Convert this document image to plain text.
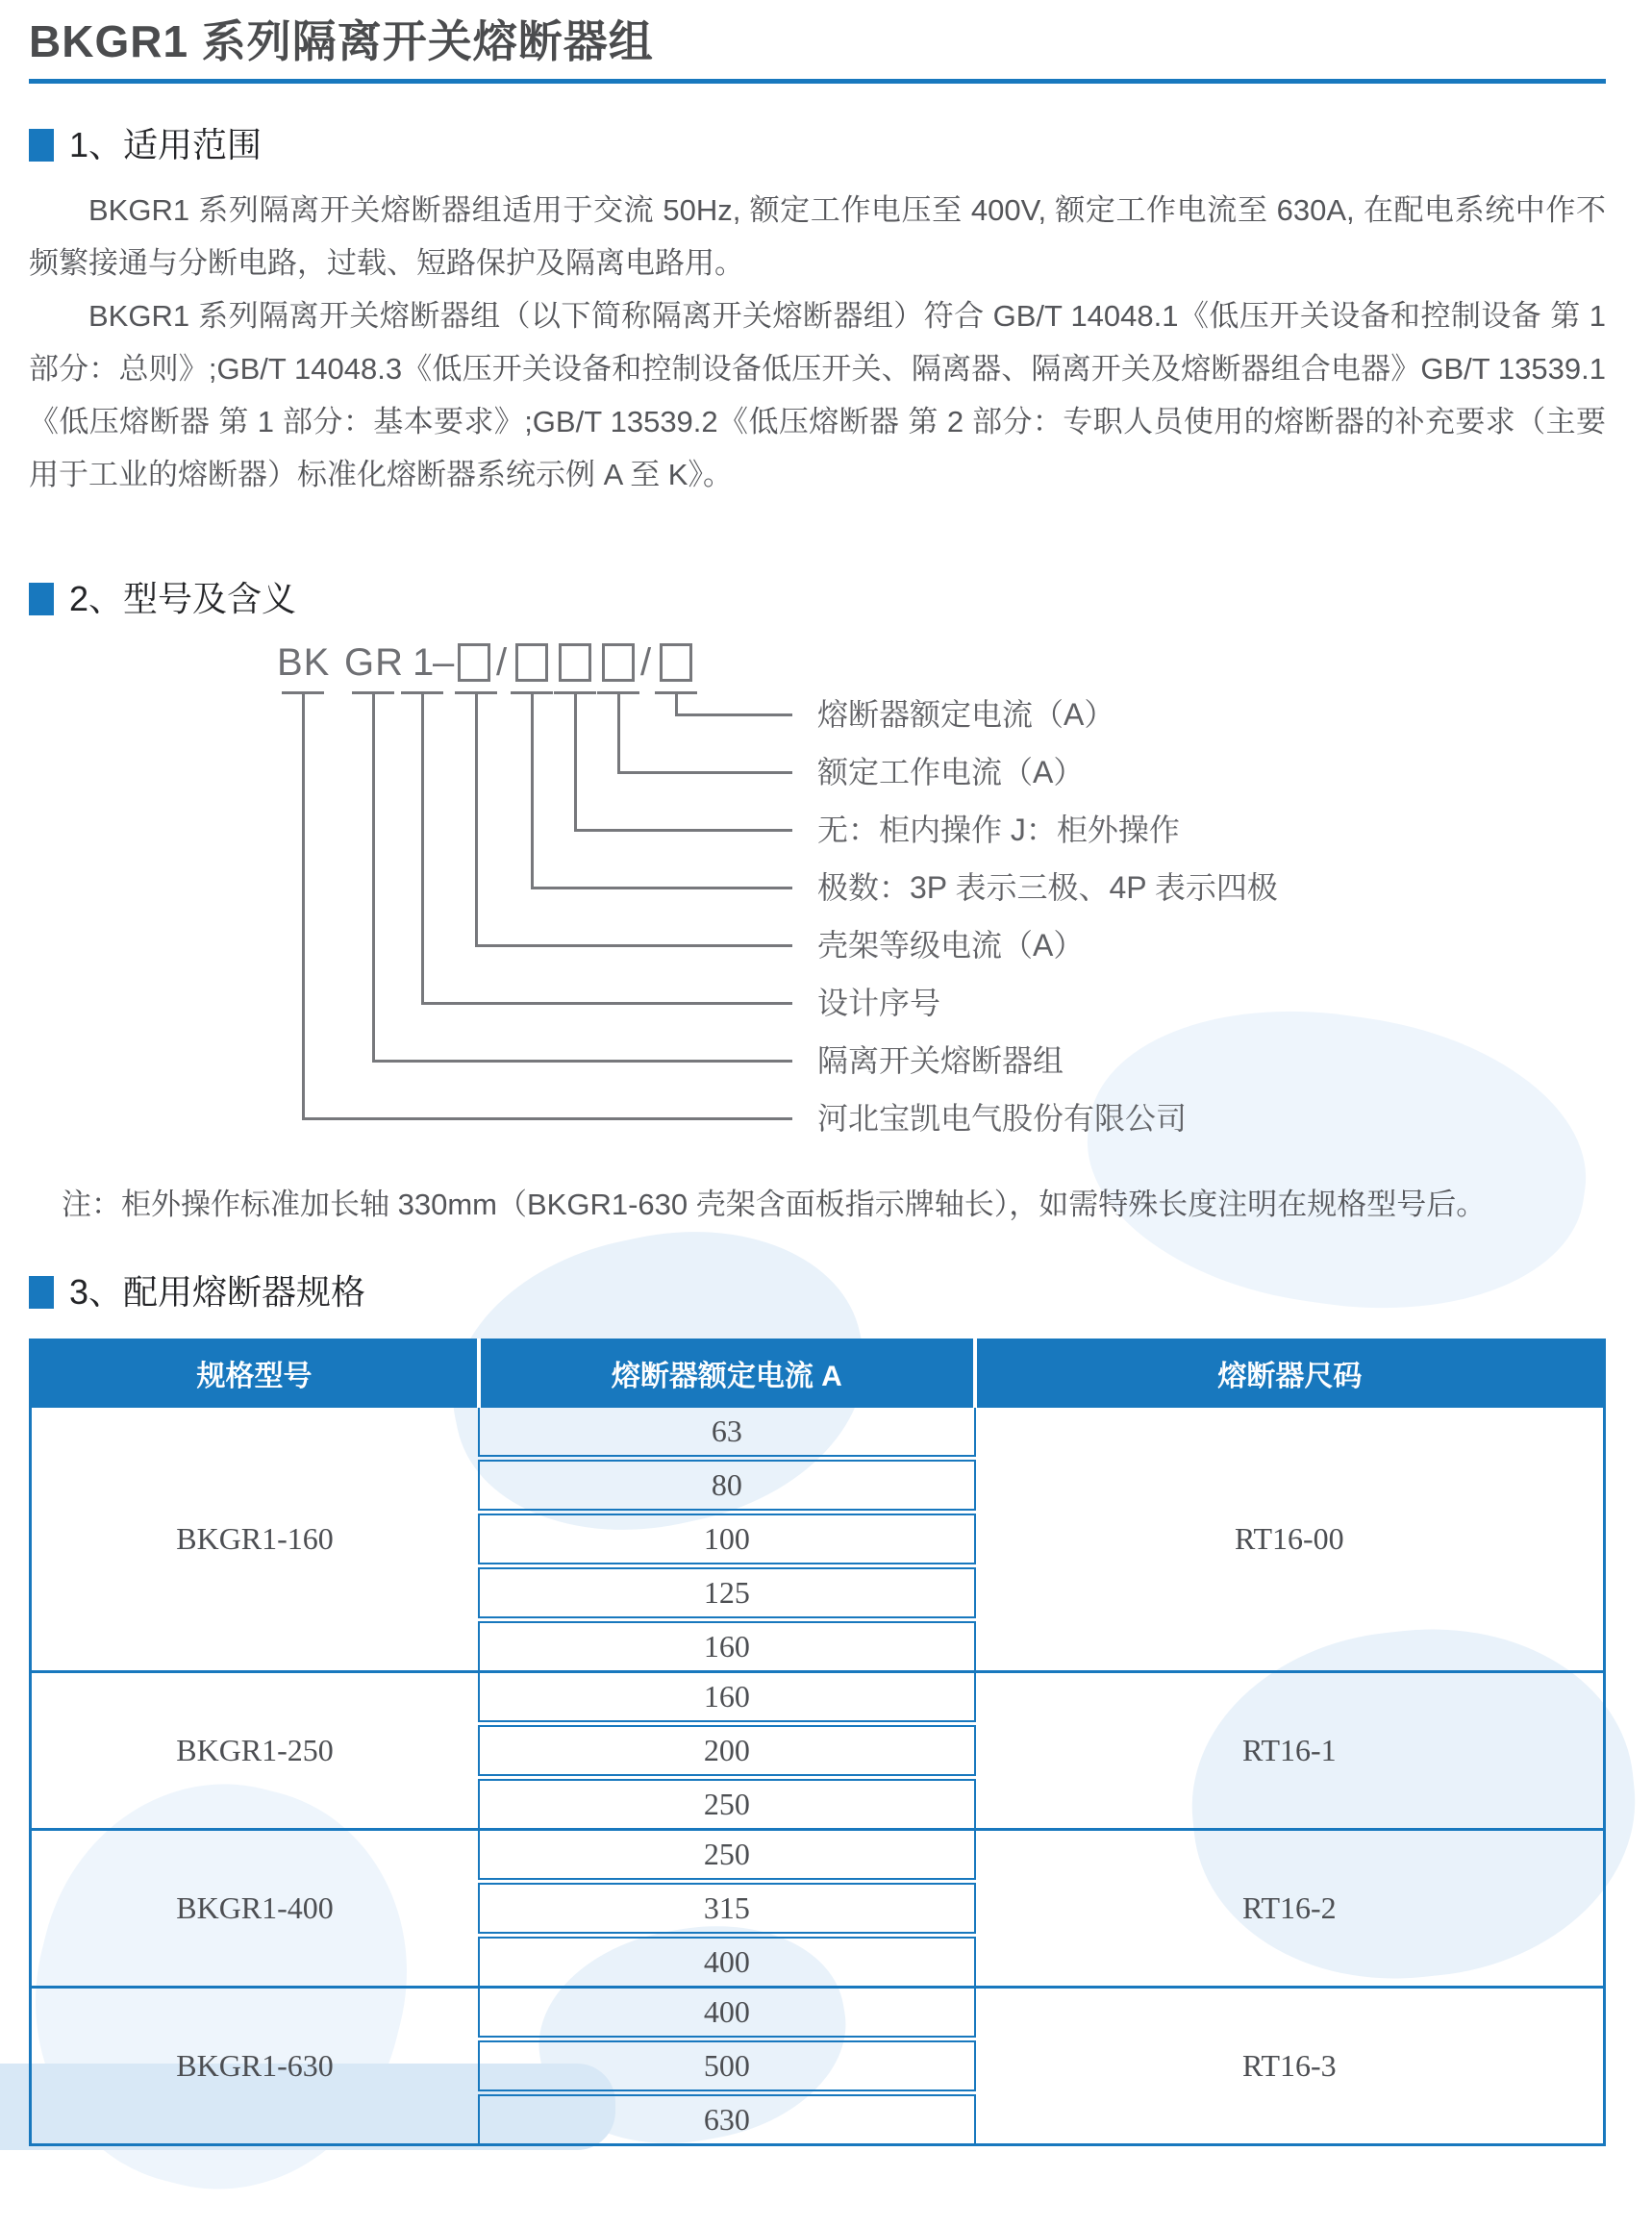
BKGR1 系列隔离开关熔断器组
1、适用范围

BKGR1 系列隔离开关熔断器组适用于交流 50Hz, 额定工作电压至 400V, 额定工作电流至 630A, 在配电系统中作不频繁接通与分断电路，过载、短路保护及隔离电路用。

BKGR1 系列隔离开关熔断器组（以下简称隔离开关熔断器组）符合 GB/T 14048.1《低压开关设备和控制设备 第 1 部分：总则》;GB/T 14048.3《低压开关设备和控制设备低压开关、隔离器、隔离开关及熔断器组合电器》GB/T 13539.1《低压熔断器 第 1 部分：基本要求》;GB/T 13539.2《低压熔断器 第 2 部分：专职人员使用的熔断器的补充要求（主要用于工业的熔断器）标准化熔断器系统示例 A 至 K》。

2、型号及含义
BK GR 1
– /	/
熔断器额定电流（A）
额定工作电流（A）
无：柜内操作 J：柜外操作
极数：3P 表示三极、4P 表示四极
壳架等级电流（A）
设计序号
隔离开关熔断器组
河北宝凯电气股份有限公司
注：柜外操作标准加长轴 330mm（BKGR1-630 壳架含面板指示牌轴长），如需特殊长度注明在规格型号后。
3、配用熔断器规格
规格型号	熔断器额定电流 A	熔断器尺码
BKGR1-160	63	RT16-00
	80	
	100	
	125	
	160	
BKGR1-250	160	RT16-1
	200	
	250	
BKGR1-400	250	RT16-2
	315	
	400	
BKGR1-630	400	RT16-3
	500	
	630	
